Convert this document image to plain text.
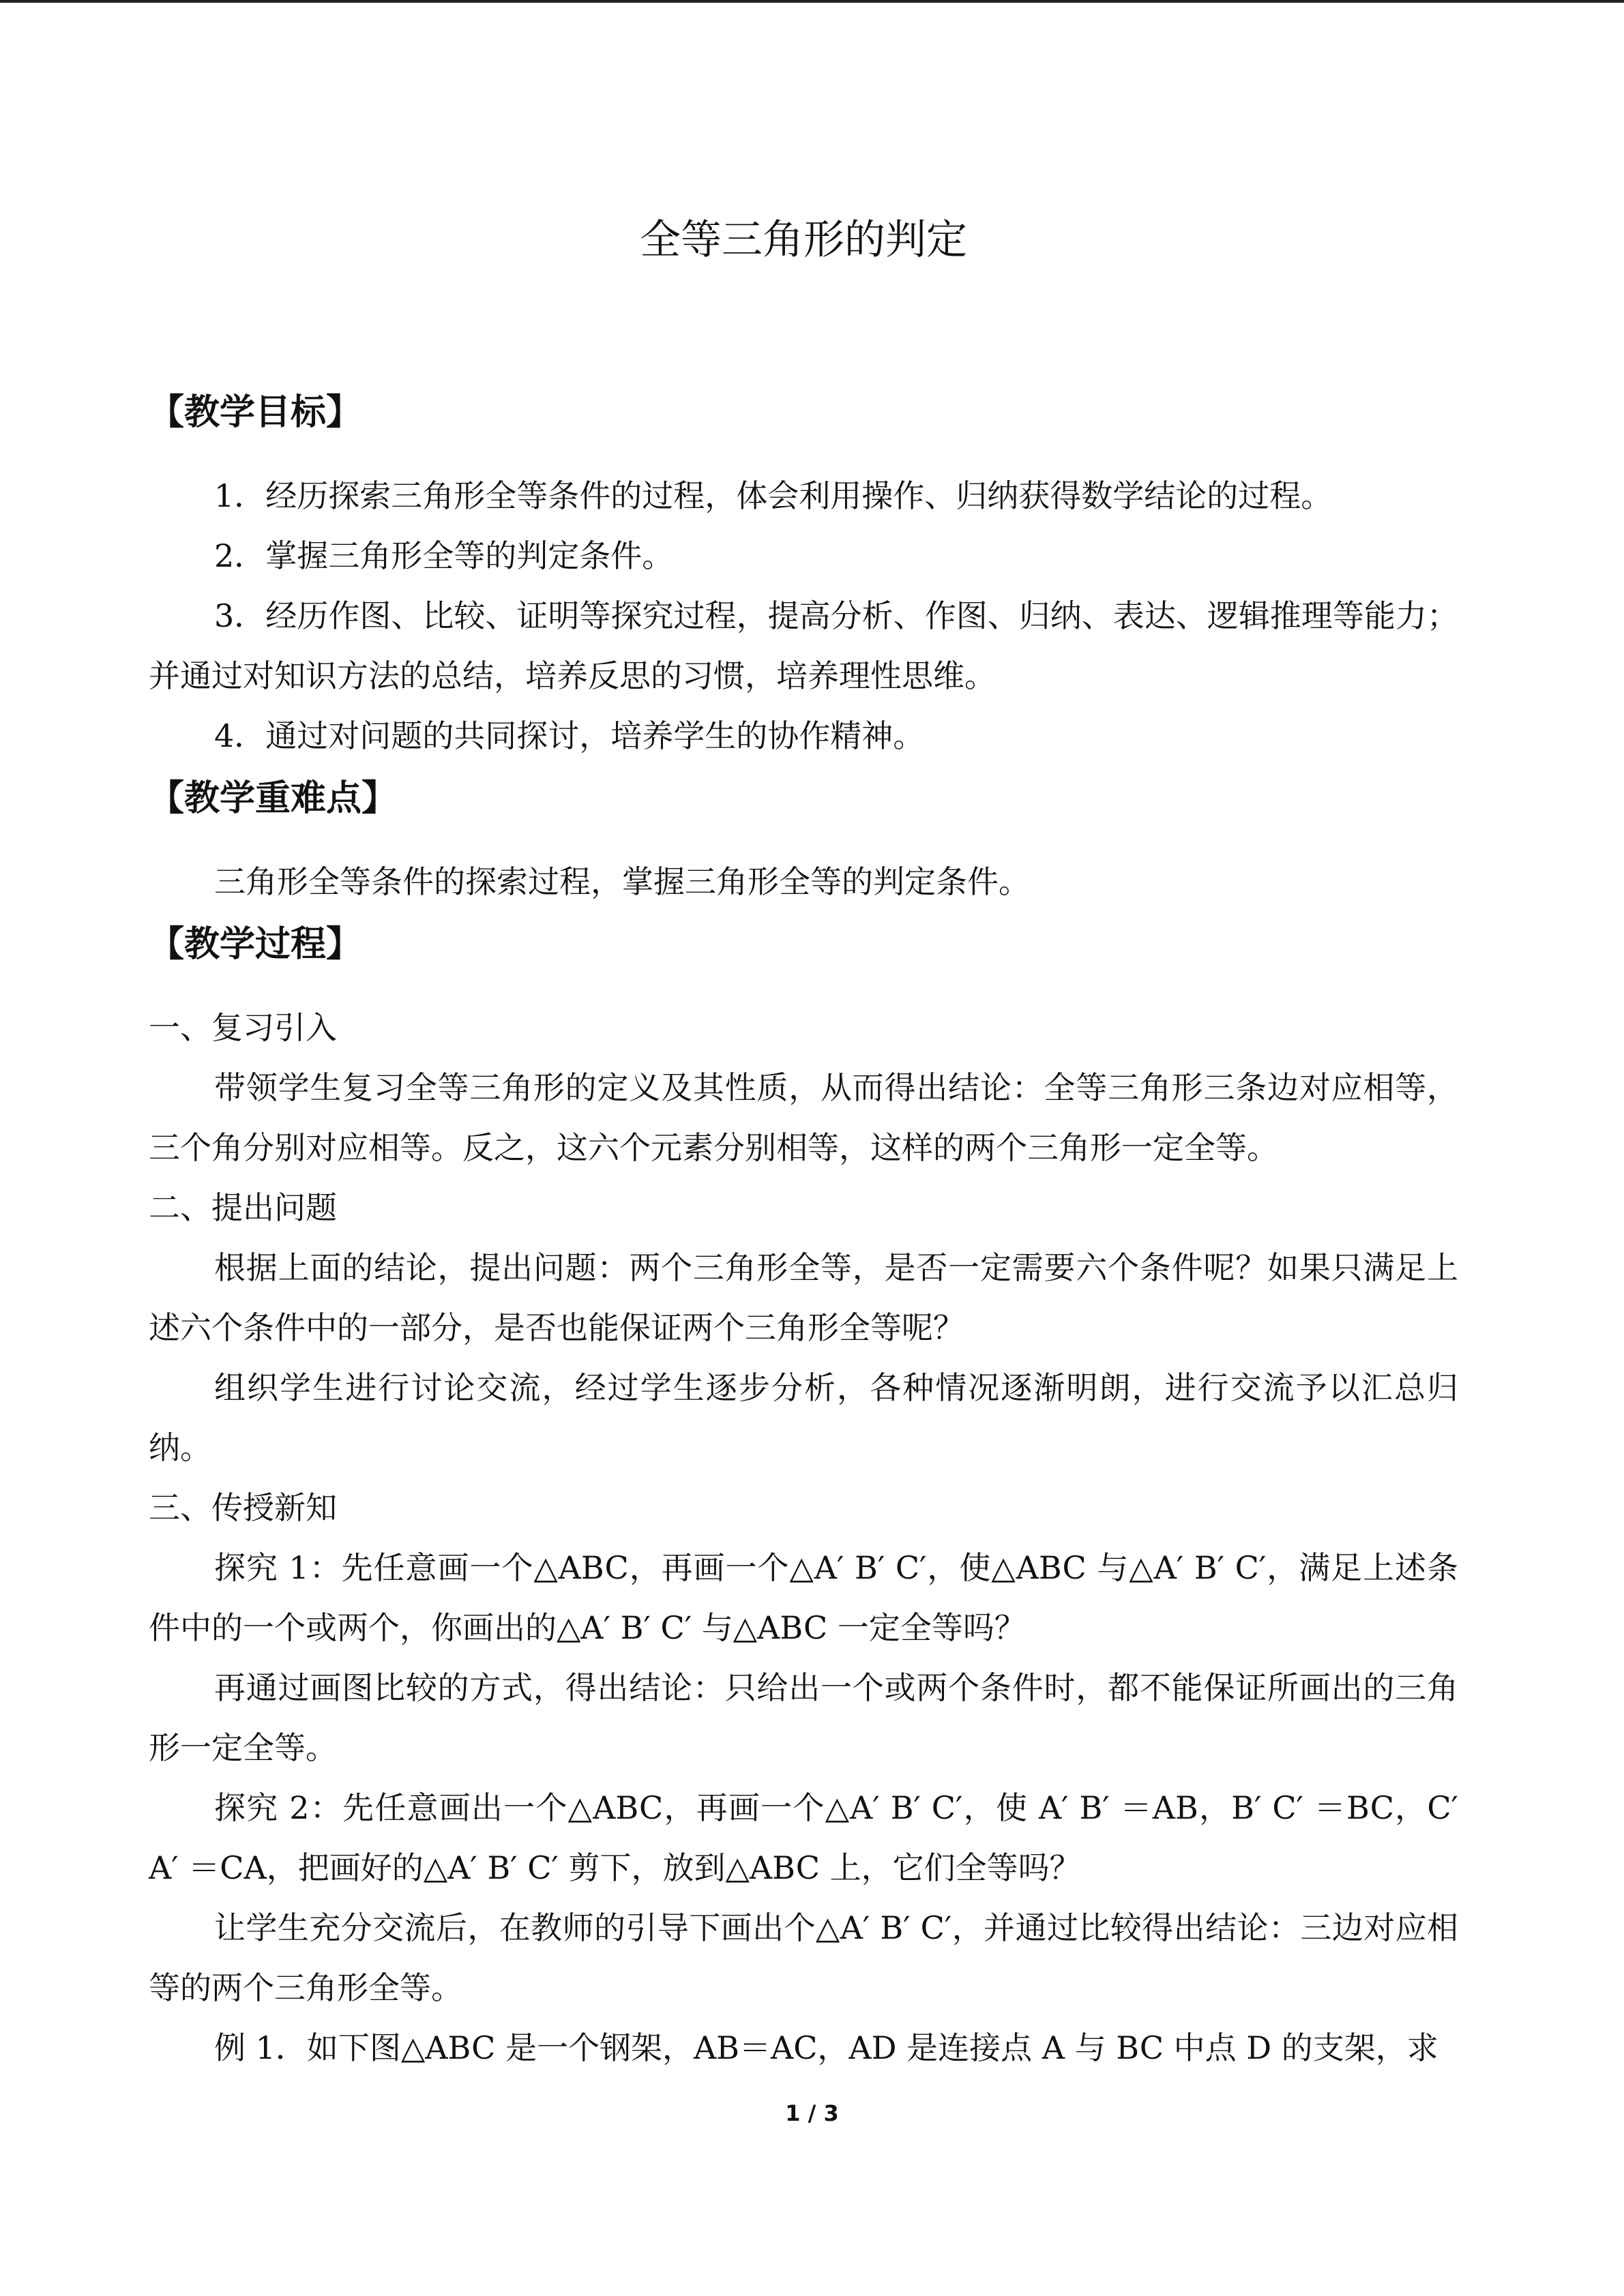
全等三角形的判定
【教学目标】

1．经历探索三角形全等条件的过程，体会利用操作、归纳获得数学结论的过程。

2．掌握三角形全等的判定条件。

3．经历作图、比较、证明等探究过程，提高分析、作图、归纳、表达、逻辑推理等能力；并通过对知识方法的总结，培养反思的习惯，培养理性思维。

4．通过对问题的共同探讨，培养学生的协作精神。

【教学重难点】

三角形全等条件的探索过程，掌握三角形全等的判定条件。

【教学过程】

一、复习引入

带领学生复习全等三角形的定义及其性质，从而得出结论：全等三角形三条边对应相等，三个角分别对应相等。反之，这六个元素分别相等，这样的两个三角形一定全等。

二、提出问题

根据上面的结论，提出问题：两个三角形全等，是否一定需要六个条件呢？如果只满足上述六个条件中的一部分，是否也能保证两个三角形全等呢？

组织学生进行讨论交流，经过学生逐步分析，各种情况逐渐明朗，进行交流予以汇总归纳。

三、传授新知

探究 1：先任意画一个△ABC，再画一个△A′ B′ C′，使△ABC 与△A′ B′ C′，满足上述条件中的一个或两个，你画出的△A′ B′ C′ 与△ABC 一定全等吗？

再通过画图比较的方式，得出结论：只给出一个或两个条件时，都不能保证所画出的三角形一定全等。

探究 2：先任意画出一个△ABC，再画一个△A′ B′ C′，使 A′ B′ ＝AB，B′ C′ ＝BC，C′ A′ ＝CA，把画好的△A′ B′ C′ 剪下，放到△ABC 上，它们全等吗？

让学生充分交流后，在教师的引导下画出个△A′ B′ C′，并通过比较得出结论：三边对应相等的两个三角形全等。

例 1．如下图△ABC 是一个钢架，AB＝AC，AD 是连接点 A 与 BC 中点 D 的支架，求

1 / 3
